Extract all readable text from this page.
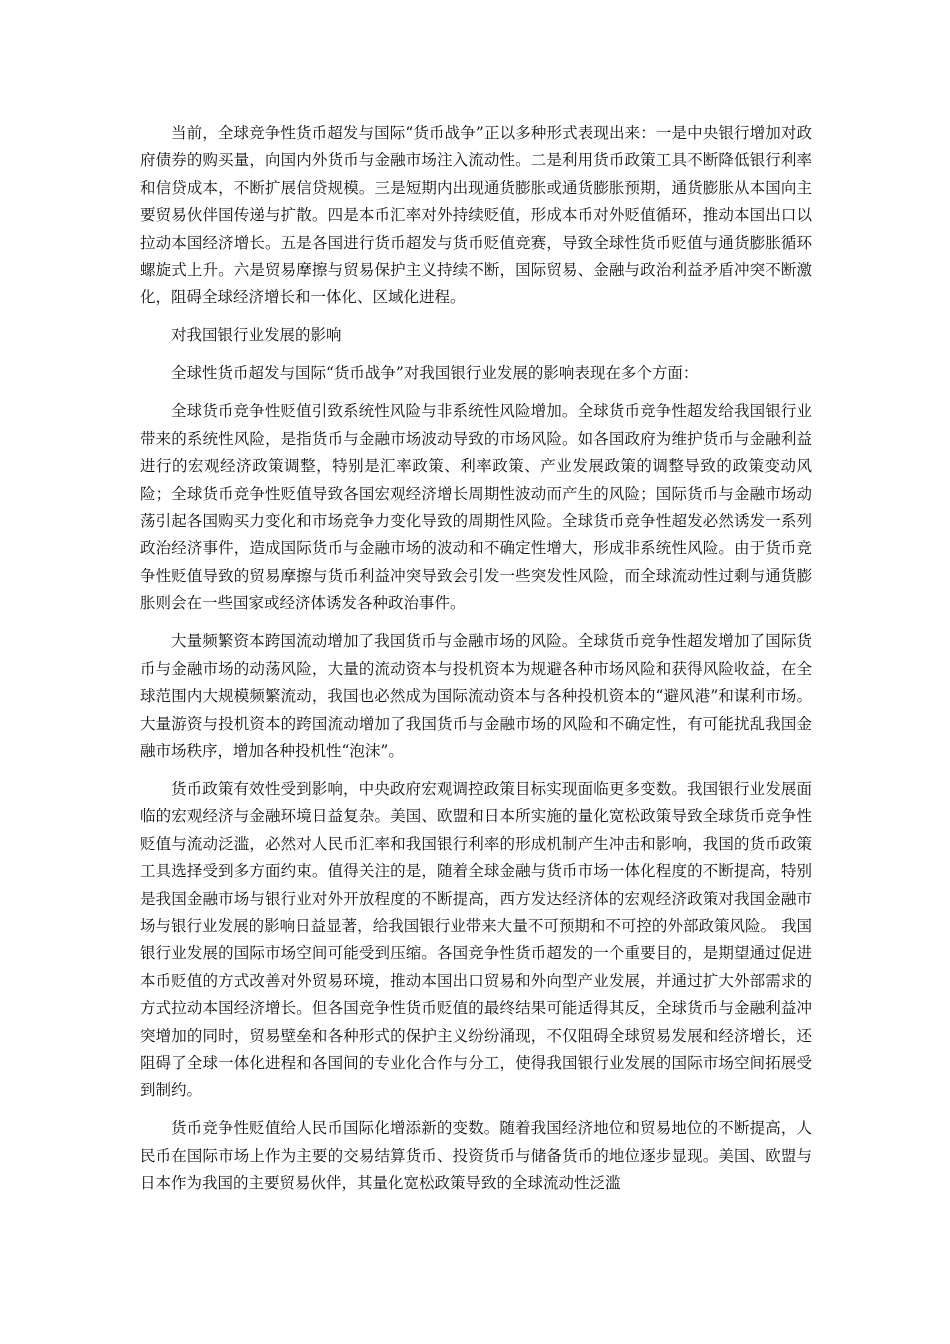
当前，全球竞争性货币超发与国际“货币战争”正以多种形式表现出来：一是中央银行增加对政府债券的购买量，向国内外货币与金融市场注入流动性。二是利用货币政策工具不断降低银行利率和信贷成本，不断扩展信贷规模。三是短期内出现通货膨胀或通货膨胀预期，通货膨胀从本国向主要贸易伙伴国传递与扩散。四是本币汇率对外持续贬值，形成本币对外贬值循环，推动本国出口以拉动本国经济增长。五是各国进行货币超发与货币贬值竞赛，导致全球性货币贬值与通货膨胀循环螺旋式上升。六是贸易摩擦与贸易保护主义持续不断，国际贸易、金融与政治利益矛盾冲突不断激化，阻碍全球经济增长和一体化、区域化进程。

对我国银行业发展的影响

全球性货币超发与国际“货币战争”对我国银行业发展的影响表现在多个方面：

全球货币竞争性贬值引致系统性风险与非系统性风险增加。全球货币竞争性超发给我国银行业带来的系统性风险，是指货币与金融市场波动导致的市场风险。如各国政府为维护货币与金融利益进行的宏观经济政策调整，特别是汇率政策、利率政策、产业发展政策的调整导致的政策变动风险；全球货币竞争性贬值导致各国宏观经济增长周期性波动而产生的风险；国际货币与金融市场动荡引起各国购买力变化和市场竞争力变化导致的周期性风险。全球货币竞争性超发必然诱发一系列政治经济事件，造成国际货币与金融市场的波动和不确定性增大，形成非系统性风险。由于货币竞争性贬值导致的贸易摩擦与货币利益冲突导致会引发一些突发性风险，而全球流动性过剩与通货膨胀则会在一些国家或经济体诱发各种政治事件。

大量频繁资本跨国流动增加了我国货币与金融市场的风险。全球货币竞争性超发增加了国际货币与金融市场的动荡风险，大量的流动资本与投机资本为规避各种市场风险和获得风险收益，在全球范围内大规模频繁流动，我国也必然成为国际流动资本与各种投机资本的“避风港”和谋利市场。大量游资与投机资本的跨国流动增加了我国货币与金融市场的风险和不确定性，有可能扰乱我国金融市场秩序，增加各种投机性“泡沫”。

货币政策有效性受到影响，中央政府宏观调控政策目标实现面临更多变数。我国银行业发展面临的宏观经济与金融环境日益复杂。美国、欧盟和日本所实施的量化宽松政策导致全球货币竞争性贬值与流动泛滥，必然对人民币汇率和我国银行利率的形成机制产生冲击和影响，我国的货币政策工具选择受到多方面约束。值得关注的是，随着全球金融与货币市场一体化程度的不断提高，特别是我国金融市场与银行业对外开放程度的不断提高，西方发达经济体的宏观经济政策对我国金融市场与银行业发展的影响日益显著，给我国银行业带来大量不可预期和不可控的外部政策风险。 我国银行业发展的国际市场空间可能受到压缩。各国竞争性货币超发的一个重要目的，是期望通过促进本币贬值的方式改善对外贸易环境，推动本国出口贸易和外向型产业发展，并通过扩大外部需求的方式拉动本国经济增长。但各国竞争性货币贬值的最终结果可能适得其反，全球货币与金融利益冲突增加的同时，贸易壁垒和各种形式的保护主义纷纷涌现，不仅阻碍全球贸易发展和经济增长，还阻碍了全球一体化进程和各国间的专业化合作与分工，使得我国银行业发展的国际市场空间拓展受到制约。

货币竞争性贬值给人民币国际化增添新的变数。随着我国经济地位和贸易地位的不断提高，人民币在国际市场上作为主要的交易结算货币、投资货币与储备货币的地位逐步显现。美国、欧盟与日本作为我国的主要贸易伙伴，其量化宽松政策导致的全球流动性泛滥
